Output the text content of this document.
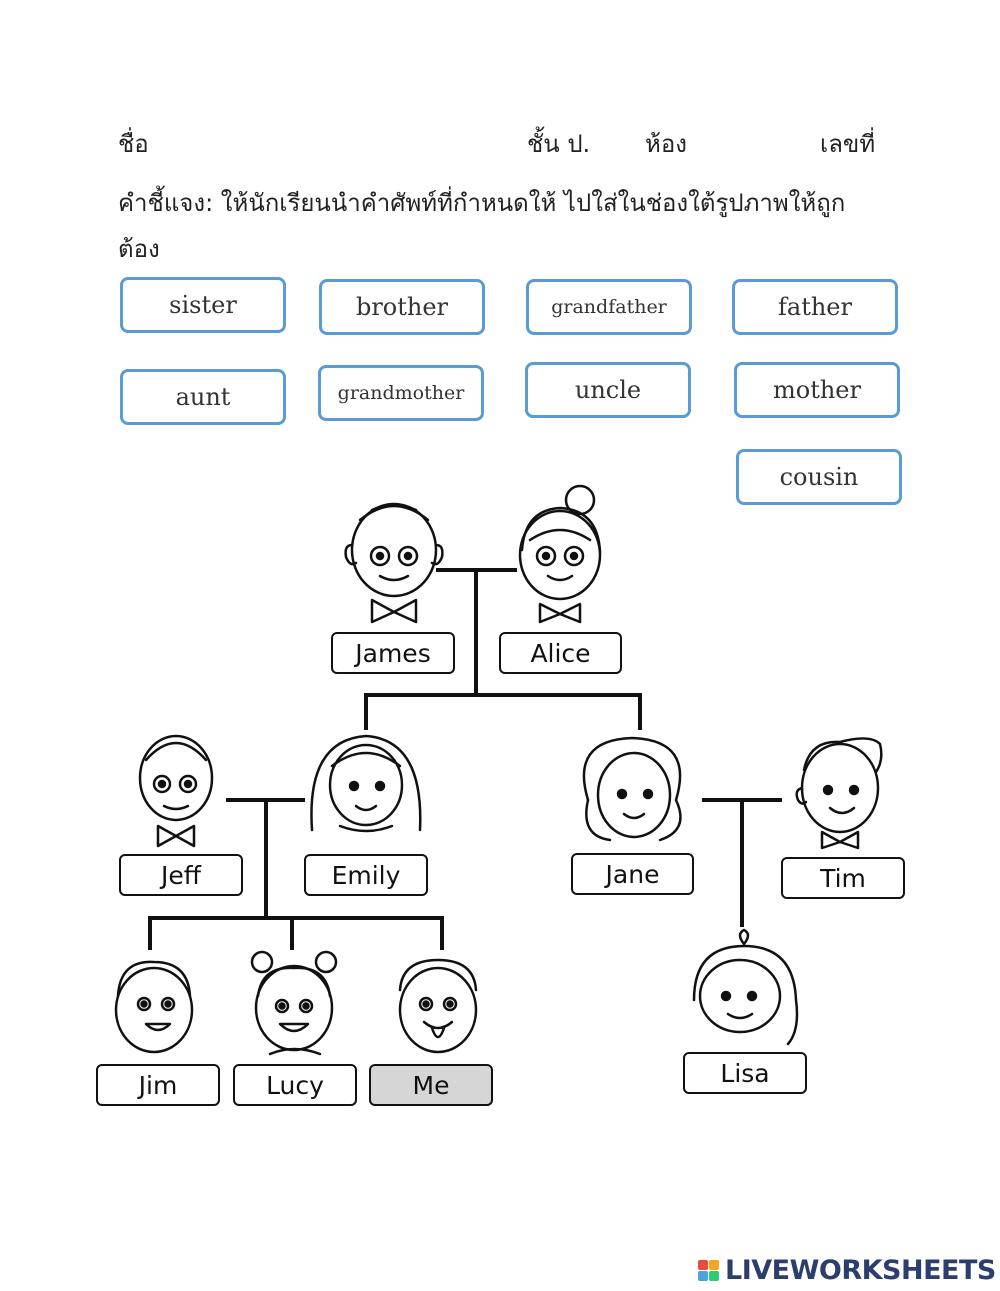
ชื่อ	ชั้น ป. ห้อง	เลขที่
คำชี้แจง: ให้นักเรียนนำคำศัพท์ที่กำหนดให้ ไปใส่ในช่องใต้รูปภาพให้ถูกต้อง
sister	brother	grandfather	father
aunt	grandmother	uncle	mother
cousin
James	Alice
Jeff	Emily	Jane	Tim
Jim	Lucy	Me	Lisa
LIVEWORKSHEETS
